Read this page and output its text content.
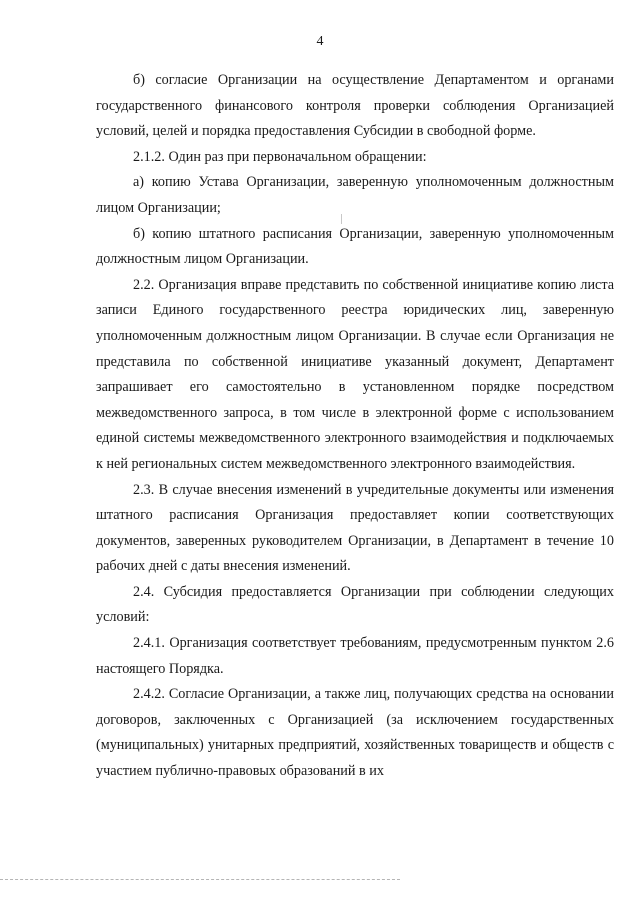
4

б) согласие Организации на осуществление Департаментом и органами государственного финансового контроля проверки соблюдения Организацией условий, целей и порядка предоставления Субсидии в свободной форме.

2.1.2. Один раз при первоначальном обращении:

а) копию Устава Организации, заверенную уполномоченным должностным лицом Организации;

б) копию штатного расписания Организации, заверенную уполномоченным должностным лицом Организации.

2.2. Организация вправе представить по собственной инициативе копию листа записи Единого государственного реестра юридических лиц, заверенную уполномоченным должностным лицом Организации. В случае если Организация не представила по собственной инициативе указанный документ, Департамент запрашивает его самостоятельно в установленном порядке посредством межведомственного запроса, в том числе в электронной форме с использованием единой системы межведомственного электронного взаимодействия и подключаемых к ней региональных систем межведомственного электронного взаимодействия.

2.3. В случае внесения изменений в учредительные документы или изменения штатного расписания Организация предоставляет копии соответствующих документов, заверенных руководителем Организации, в Департамент в течение 10 рабочих дней с даты внесения изменений.

2.4. Субсидия предоставляется Организации при соблюдении следующих условий:

2.4.1. Организация соответствует требованиям, предусмотренным пунктом 2.6 настоящего Порядка.

2.4.2. Согласие Организации, а также лиц, получающих средства на основании договоров, заключенных с Организацией (за исключением государственных (муниципальных) унитарных предприятий, хозяйственных товариществ и обществ с участием публично-правовых образований в их
